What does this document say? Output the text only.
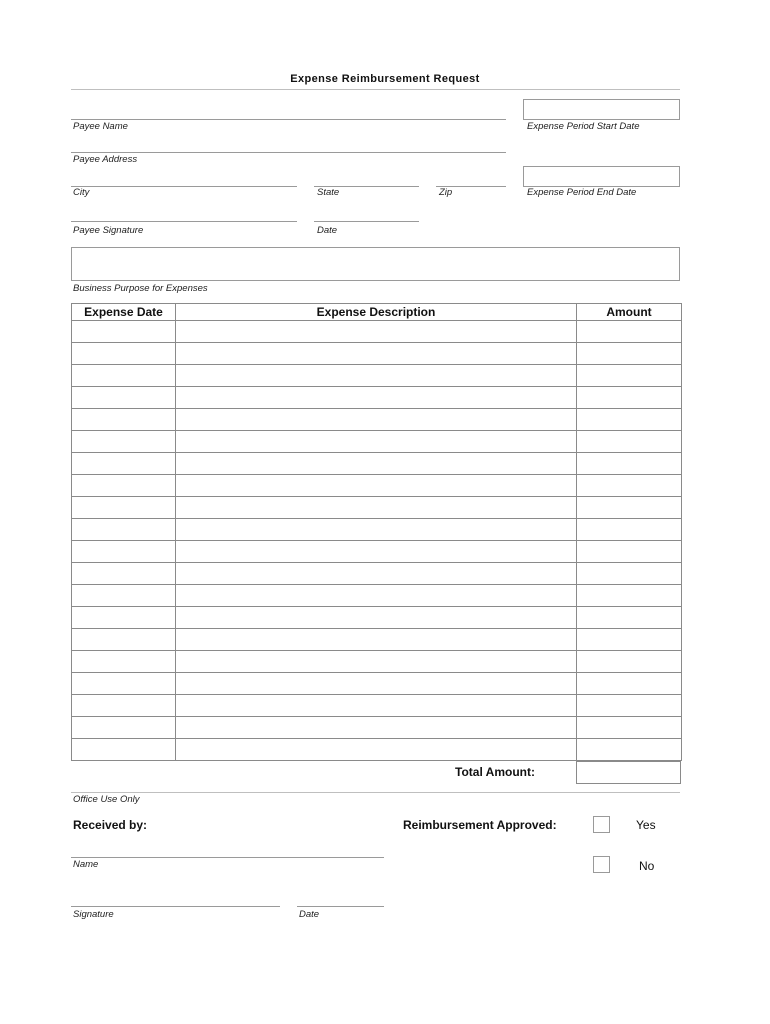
Expense Reimbursement Request
Payee Name	Expense Period Start Date
Payee Address
City	State	Zip	Expense Period End Date
Payee Signature	Date
Business Purpose for Expenses
Expense Date	Expense Description	Amount

Total Amount:
Office Use Only
Received by:	Reimbursement Approved:	Yes
No
Name
Signature	Date
